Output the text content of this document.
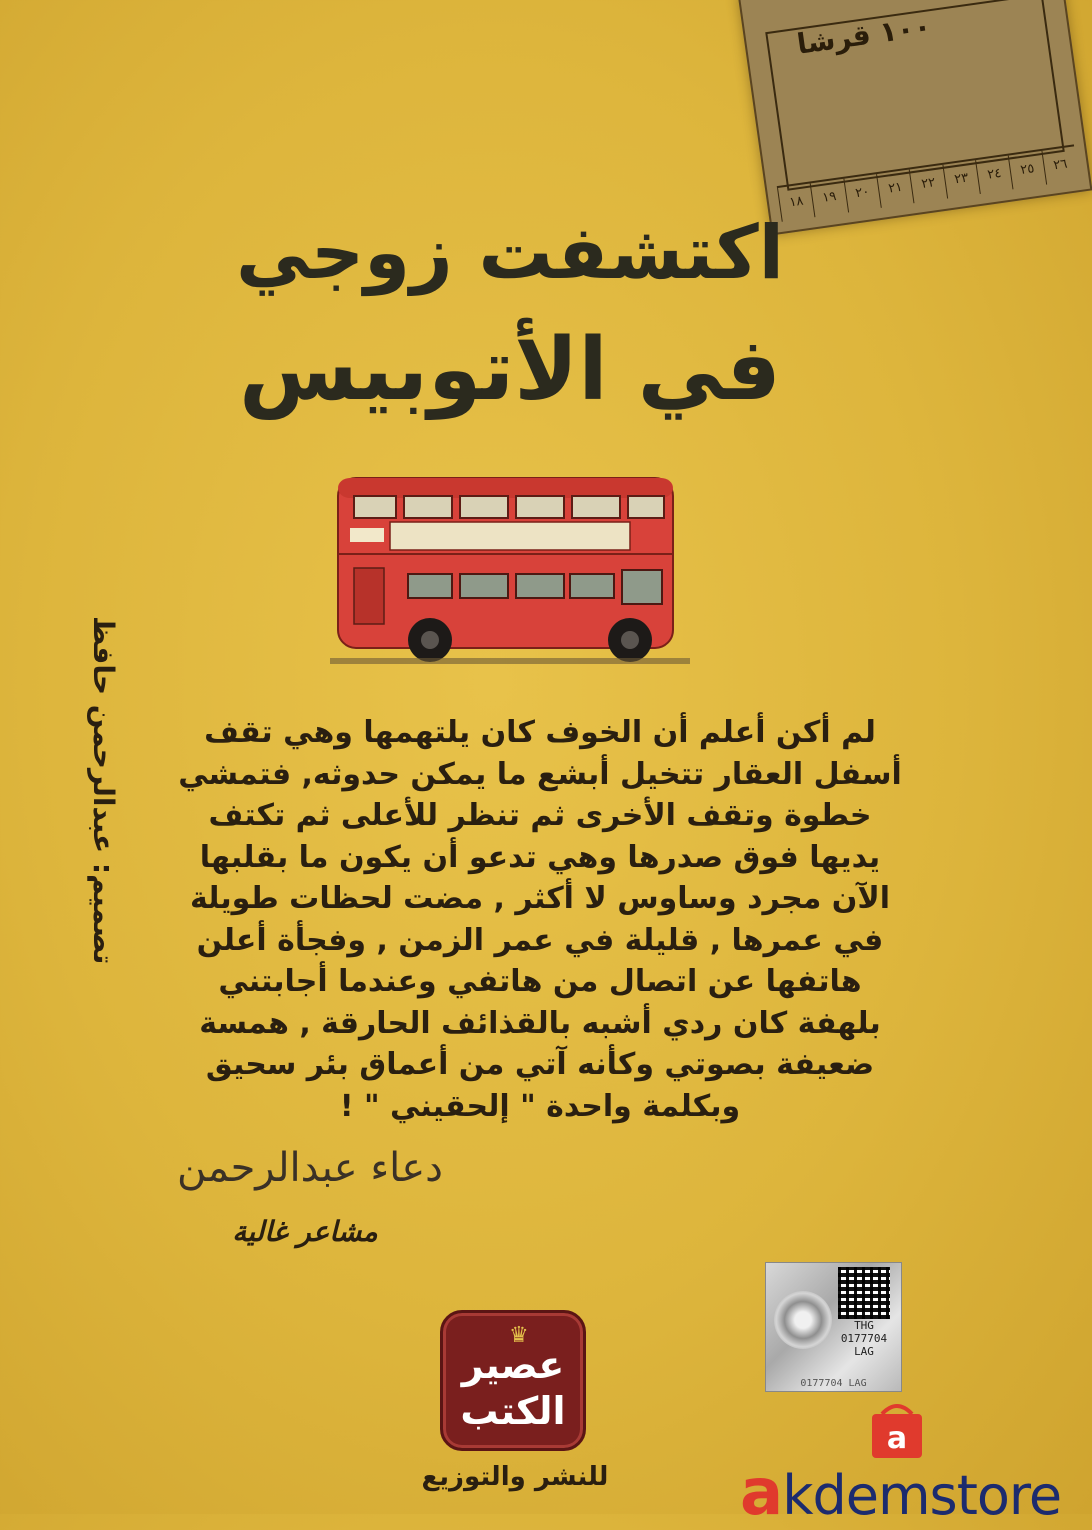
١٠٠ قرشا
٢٦
٢٥
٢٤
٢٣
٢٢
٢١
٢٠
١٩
١٨
اكتشفت زوجي
في الأتوبيس
تصميم: عبدالرحمن حافظ	لم أكن أعلم أن الخوف كان يلتهمها وهي تقف
أسفل العقار تتخيل أبشع ما يمكن حدوثه, فتمشي
خطوة وتقف الأخرى ثم تنظر للأعلى ثم تكتف
يديها فوق صدرها وهي تدعو أن يكون ما بقلبها
الآن مجرد وساوس لا أكثر , مضت لحظات طويلة
في عمرها , قليلة في عمر الزمن , وفجأة أعلن
هاتفها عن اتصال من هاتفي وعندما أجابتني
بلهفة كان ردي أشبه بالقذائف الحارقة , همسة
ضعيفة بصوتي وكأنه آتي من أعماق بئر سحيق
وبكلمة واحدة " إلحقيني " !
دعاء عبدالرحمن
مشاعر غالية
THG
0177704
LAG
0177704 LAG
♛
عصير
الكتب
للنشر والتوزيع
a
akdemstore
